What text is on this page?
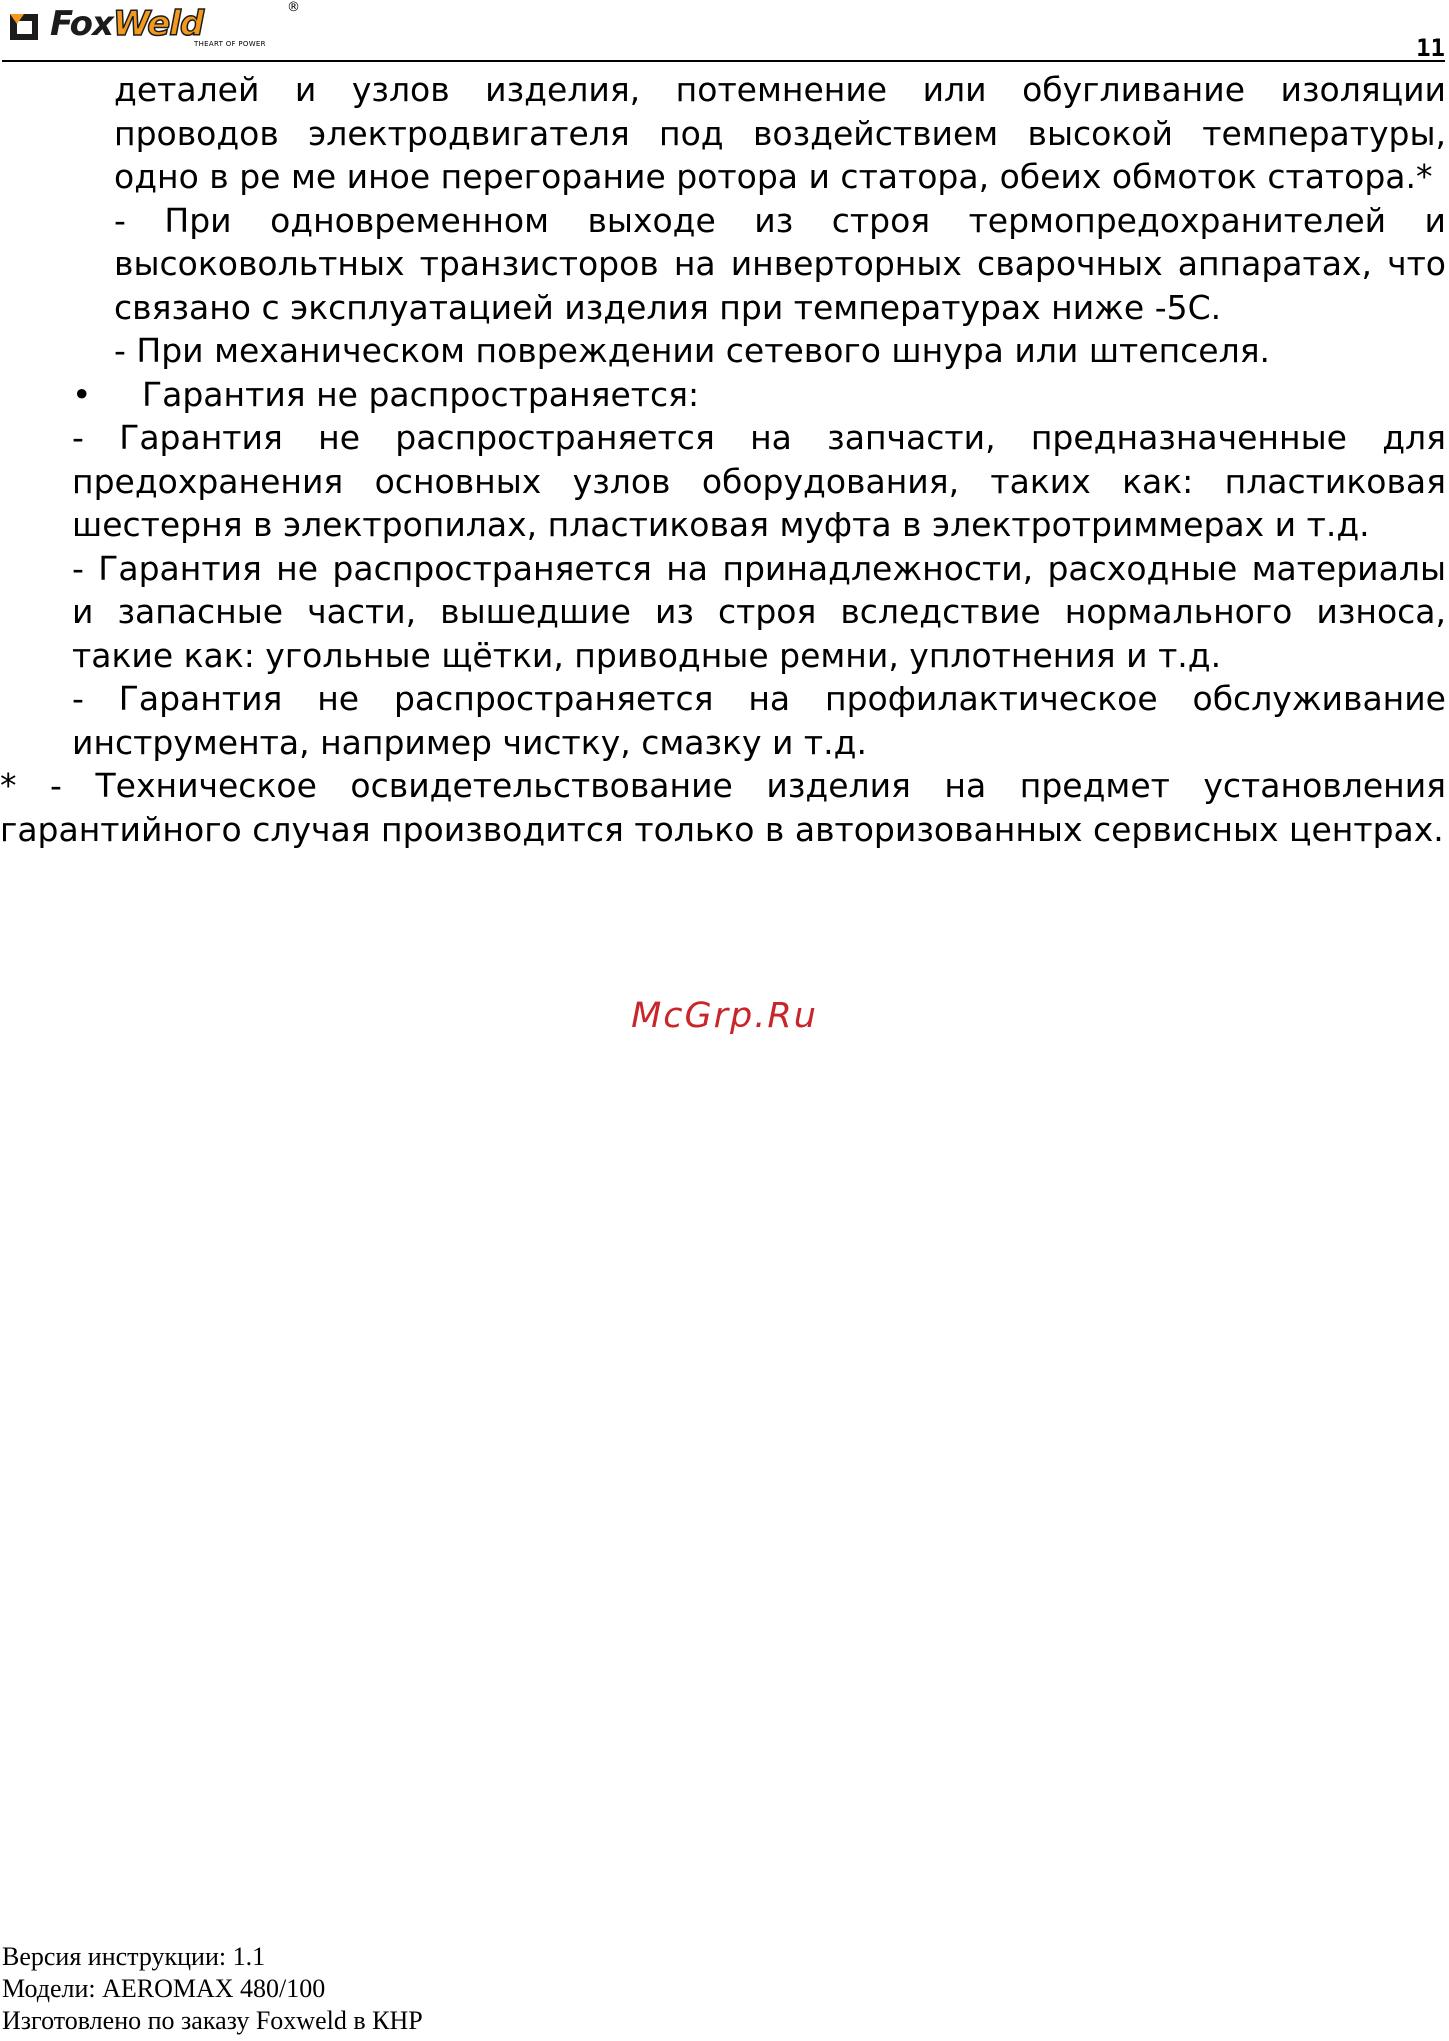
FoxWeld	®
THEART OF POWER	11

деталей и узлов изделия, потемнение или обугливание изоляции проводов электродвигателя под воздействием высокой температуры, одно в ре ме иное перегорание ротора и статора, обеих обмоток статора.*

- При одновременном выходе из строя термопредохранителей и высоковольтных транзисторов на инверторных сварочных аппаратах, что связано с эксплуатацией изделия при температурах ниже -5С.

- При механическом повреждении сетевого шнура или штепселя.

• Гарантия не распространяется:

- Гарантия не распространяется на запчасти, предназначенные для предохранения основных узлов оборудования, таких как: пластиковая шестерня в электропилах, пластиковая муфта в электротриммерах и т.д.

- Гарантия не распространяется на принадлежности, расходные материалы и запасные части, вышедшие из строя вследствие нормального износа, такие как: угольные щётки, приводные ремни, уплотнения и т.д.

- Гарантия не распространяется на профилактическое обслуживание инструмента, например чистку, смазку и т.д.

* - Техническое освидетельствование изделия на предмет установления гарантийного случая производится только в авторизованных сервисных центрах.

McGrp.Ru
Версия инструкции: 1.1
Модели: AEROMAX 480/100
Изготовлено по заказу Foxweld в КНР
